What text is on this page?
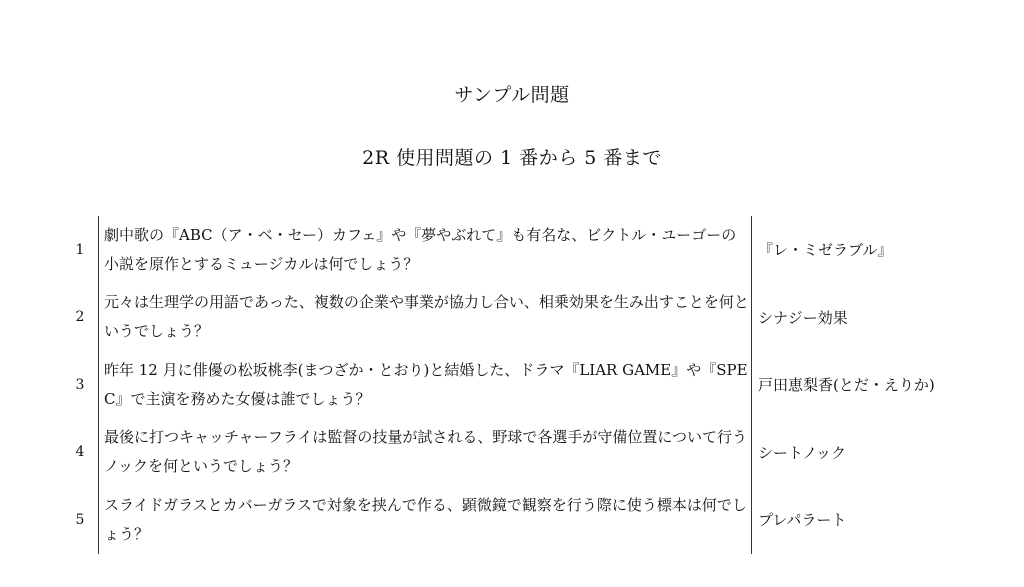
サンプル問題
2R 使用問題の 1 番から 5 番まで
1	劇中歌の『ABC（ア・ベ・セー）カフェ』や『夢やぶれて』も有名な、ビクトル・ユーゴーの小説を原作とするミュージカルは何でしょう？	『レ・ミゼラブル』
2	元々は生理学の用語であった、複数の企業や事業が協力し合い、相乗効果を生み出すことを何というでしょう？	シナジー効果
3	昨年 12 月に俳優の松坂桃李(まつざか・とおり)と結婚した、ドラマ『LIAR GAME』や『SPEC』で主演を務めた女優は誰でしょう？	戸田恵梨香(とだ・えりか)
4	最後に打つキャッチャーフライは監督の技量が試される、野球で各選手が守備位置について行うノックを何というでしょう？	シートノック
5	スライドガラスとカバーガラスで対象を挟んで作る、顕微鏡で観察を行う際に使う標本は何でしょう？	プレパラート
